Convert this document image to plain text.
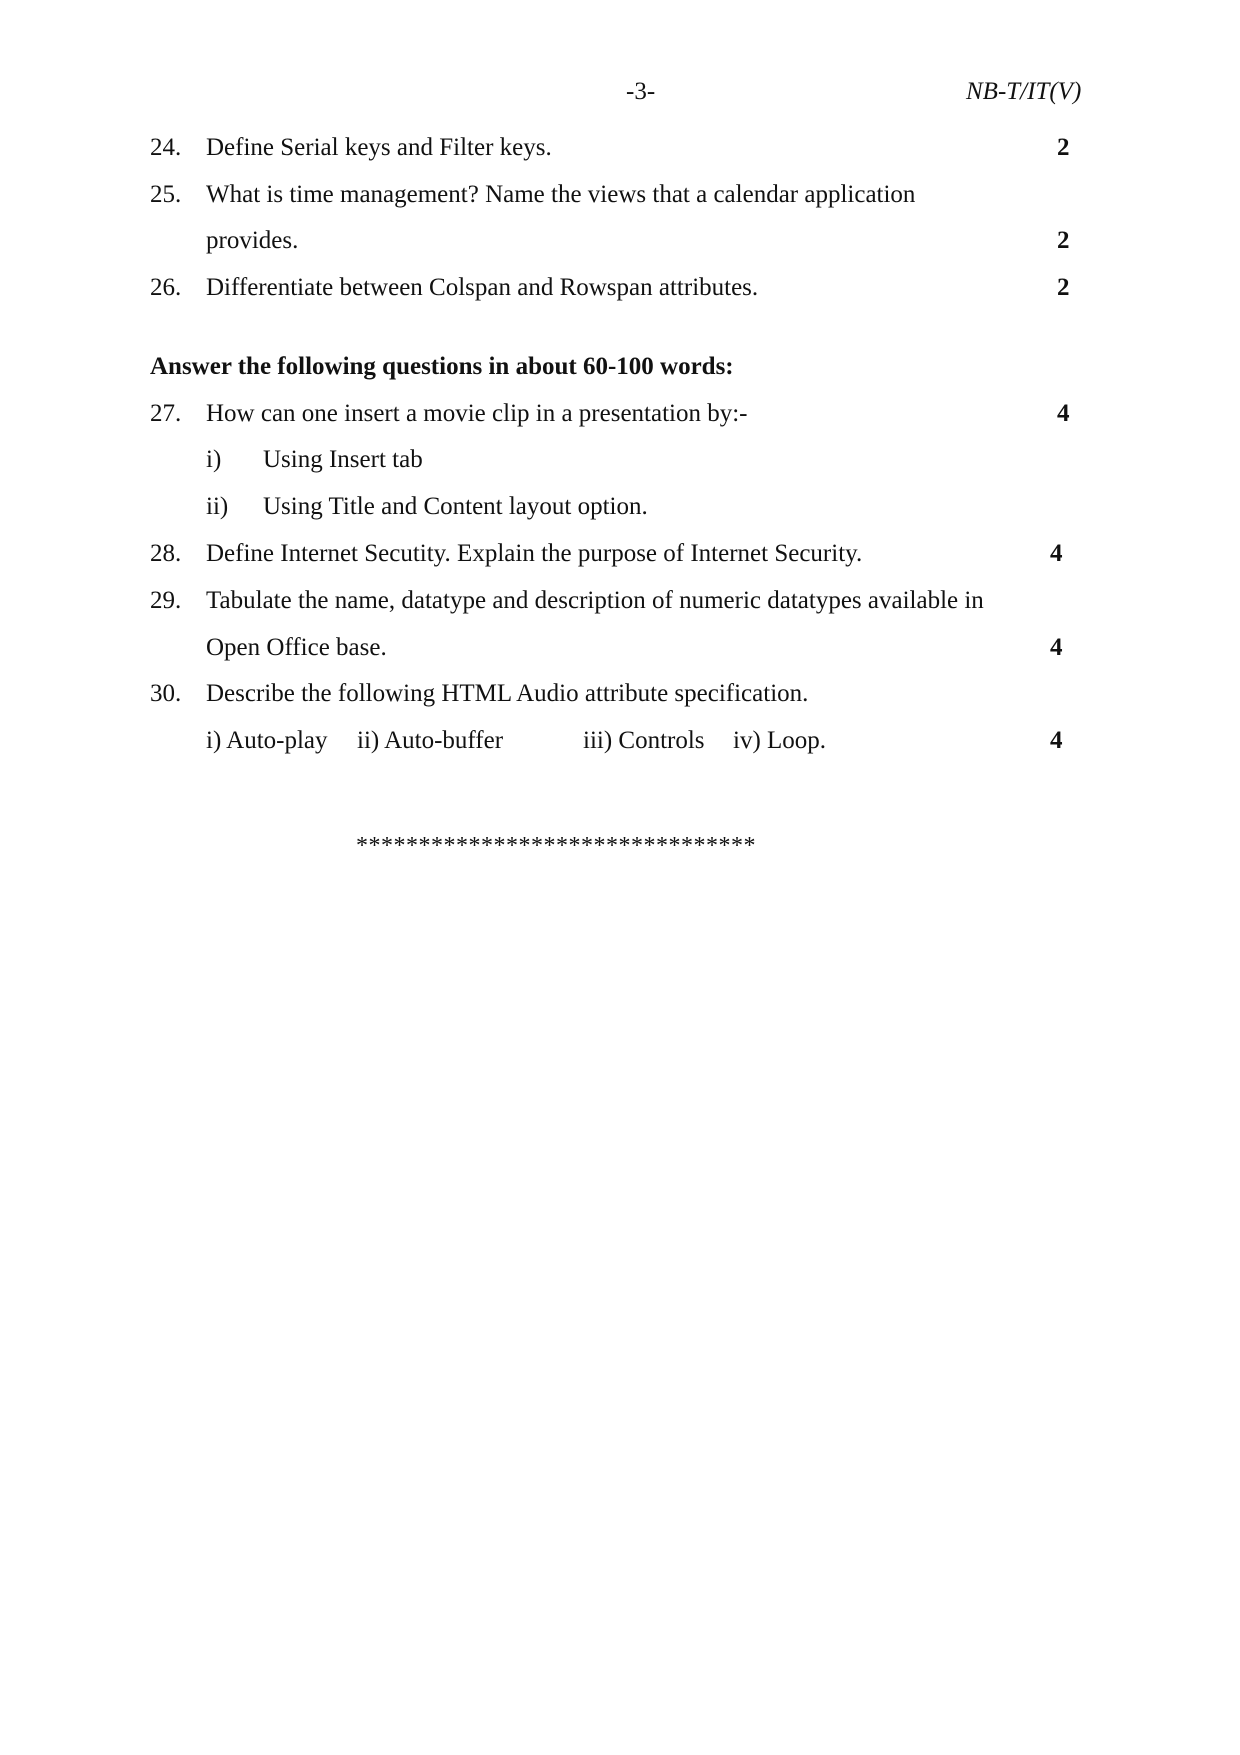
-3-	NB-T/IT(V)
24. Define Serial keys and Filter keys.	2
25. What is time management? Name the views that a calendar application
provides.	2
26. Differentiate between Colspan and Rowspan attributes.	2
Answer the following questions in about 60-100 words:
27. How can one insert a movie clip in a presentation by:-	4
i) Using Insert tab
ii) Using Title and Content layout option.
28. Define Internet Secutity. Explain the purpose of Internet Security.	4
29. Tabulate the name, datatype and description of numeric datatypes available in
Open Office base.	4
30. Describe the following HTML Audio attribute specification.
i) Auto-play ii) Auto-buffer	iii) Controls iv) Loop.	4
********************************
